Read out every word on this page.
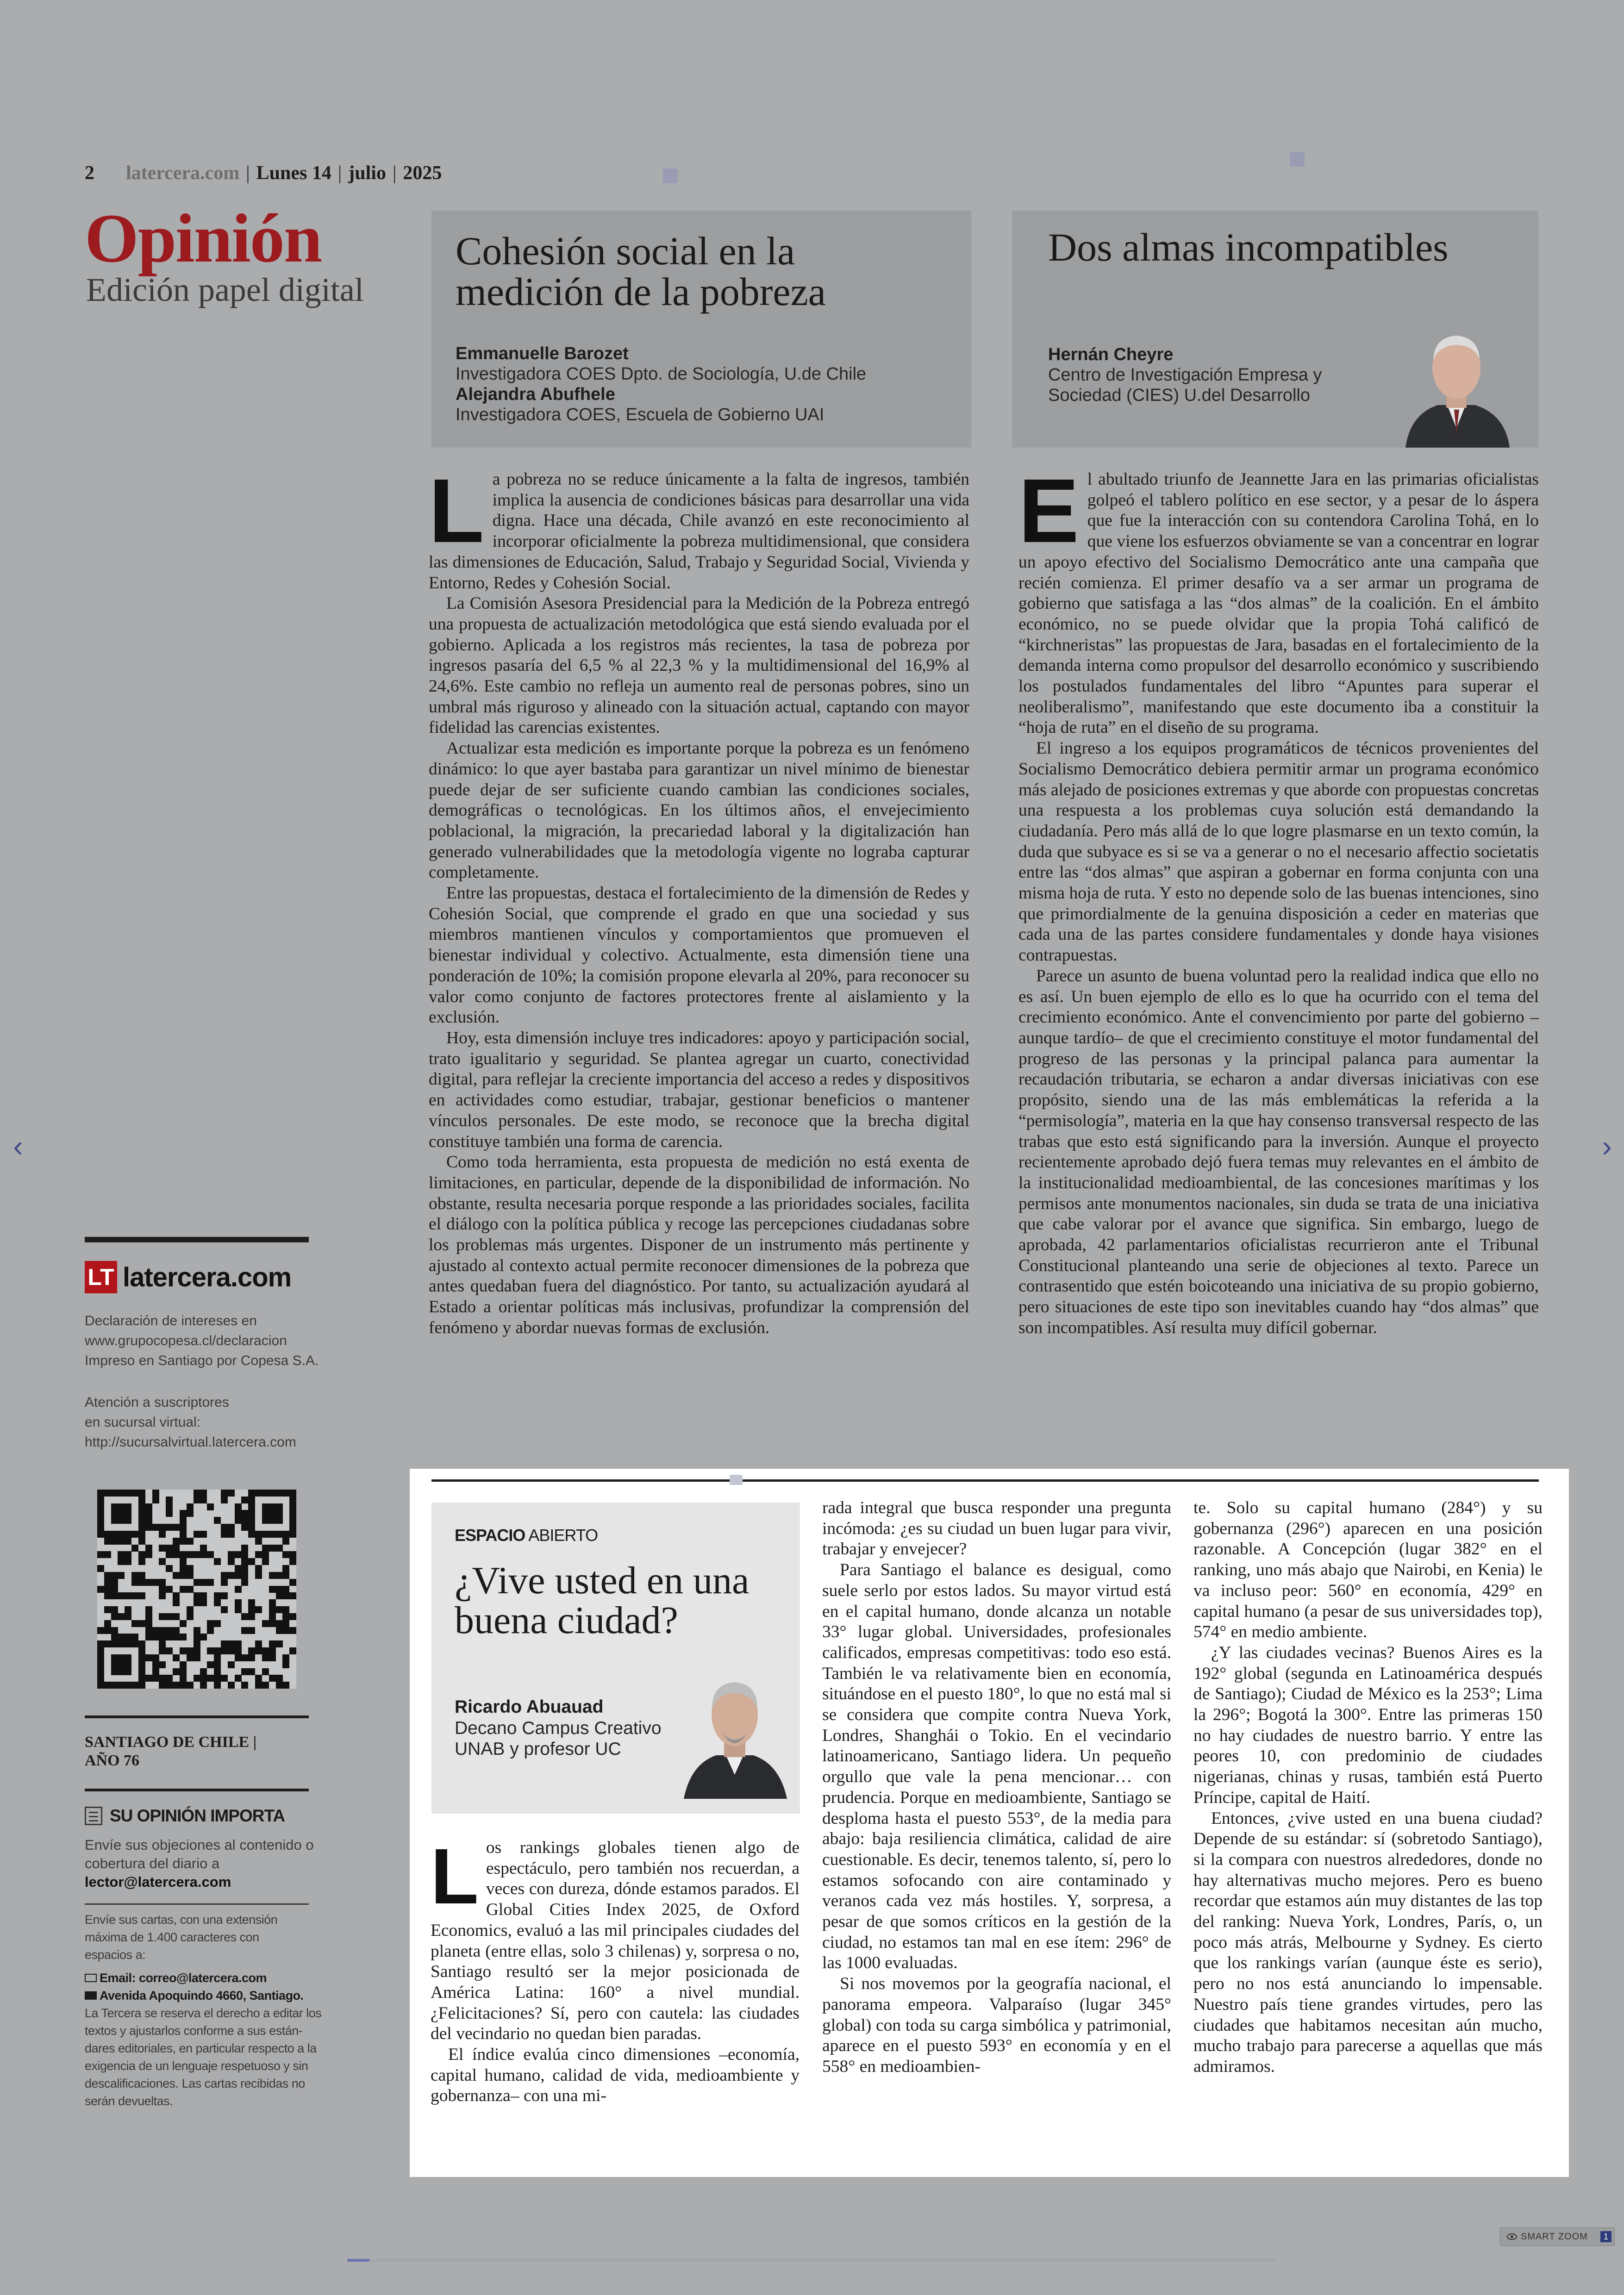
2 latercera.com | Lunes 14 | julio | 2025
Opinión
Edición papel digital
Cohesión social en la medición de la pobreza
Emmanuelle Barozet
Investigadora COES Dpto. de Sociología, U.de Chile
Alejandra Abufhele
Investigadora COES, Escuela de Gobierno UAI
Dos almas incompatibles
Hernán Cheyre
Centro de Investigación Empresa y Sociedad (CIES) U.del Desarrollo

La pobreza no se reduce únicamente a la falta de ingresos, también implica la ausencia de condiciones básicas para desarrollar una vida digna. Hace una década, Chile avanzó en este reconocimiento al incorporar oficialmente la pobreza multidimensional, que considera las dimensiones de Educación, Salud, Trabajo y Seguridad Social, Vivienda y Entorno, Redes y Cohesión Social.

La Comisión Asesora Presidencial para la Medición de la Pobreza entregó una propuesta de actualización metodológica que está siendo evaluada por el gobierno. Aplicada a los registros más recientes, la tasa de pobreza por ingresos pasaría del 6,5 % al 22,3 % y la multidimensional del 16,9% al 24,6%. Este cambio no refleja un aumento real de personas pobres, sino un umbral más riguroso y alineado con la situación actual, captando con mayor fidelidad las carencias existentes.

Actualizar esta medición es importante porque la pobreza es un fenómeno dinámico: lo que ayer bastaba para garantizar un nivel mínimo de bienestar puede dejar de ser suficiente cuando cambian las condiciones sociales, demográficas o tecnológicas. En los últimos años, el envejecimiento poblacional, la migración, la precariedad laboral y la digitalización han generado vulnerabilidades que la metodología vigente no lograba capturar completamente.

Entre las propuestas, destaca el fortalecimiento de la dimensión de Redes y Cohesión Social, que comprende el grado en que una sociedad y sus miembros mantienen vínculos y comportamientos que promueven el bienestar individual y colectivo. Actualmente, esta dimensión tiene una ponderación de 10%; la comisión propone elevarla al 20%, para reconocer su valor como conjunto de factores protectores frente al aislamiento y la exclusión.

Hoy, esta dimensión incluye tres indicadores: apoyo y participación social, trato igualitario y seguridad. Se plantea agregar un cuarto, conectividad digital, para reflejar la creciente importancia del acceso a redes y dispositivos en actividades como estudiar, trabajar, gestionar beneficios o mantener vínculos personales. De este modo, se reconoce que la brecha digital constituye también una forma de carencia.

Como toda herramienta, esta propuesta de medición no está exenta de limitaciones, en particular, depende de la disponibilidad de información. No obstante, resulta necesaria porque responde a las prioridades sociales, facilita el diálogo con la política pública y recoge las percepciones ciudadanas sobre los problemas más urgentes. Disponer de un instrumento más pertinente y ajustado al contexto actual permite reconocer dimensiones de la pobreza que antes quedaban fuera del diagnóstico. Por tanto, su actualización ayudará al Estado a orientar políticas más inclusivas, profundizar la comprensión del fenómeno y abordar nuevas formas de exclusión.

El abultado triunfo de Jeannette Jara en las primarias oficialistas golpeó el tablero político en ese sector, y a pesar de lo áspera que fue la interacción con su contendora Carolina Tohá, en lo que viene los esfuerzos obviamente se van a concentrar en lograr un apoyo efectivo del Socialismo Democrático ante una campaña que recién comienza. El primer desafío va a ser armar un programa de gobierno que satisfaga a las “dos almas” de la coalición. En el ámbito económico, no se puede olvidar que la propia Tohá calificó de “kirchneristas” las propuestas de Jara, basadas en el fortalecimiento de la demanda interna como propulsor del desarrollo económico y suscribiendo los postulados fundamentales del libro “Apuntes para superar el neoliberalismo”, manifestando que este documento iba a constituir la “hoja de ruta” en el diseño de su programa.

El ingreso a los equipos programáticos de técnicos provenientes del Socialismo Democrático debiera permitir armar un programa económico más alejado de posiciones extremas y que aborde con propuestas concretas una respuesta a los problemas cuya solución está demandando la ciudadanía. Pero más allá de lo que logre plasmarse en un texto común, la duda que subyace es si se va a generar o no el necesario affectio societatis entre las “dos almas” que aspiran a gobernar en forma conjunta con una misma hoja de ruta. Y esto no depende solo de las buenas intenciones, sino que primordialmente de la genuina disposición a ceder en materias que cada una de las partes considere fundamentales y donde haya visiones contrapuestas.

Parece un asunto de buena voluntad pero la realidad indica que ello no es así. Un buen ejemplo de ello es lo que ha ocurrido con el tema del crecimiento económico. Ante el convencimiento por parte del gobierno –aunque tardío– de que el crecimiento constituye el motor fundamental del progreso de las personas y la principal palanca para aumentar la recaudación tributaria, se echaron a andar diversas iniciativas con ese propósito, siendo una de las más emblemáticas la referida a la “permisología”, materia en la que hay consenso transversal respecto de las trabas que esto está significando para la inversión. Aunque el proyecto recientemente aprobado dejó fuera temas muy relevantes en el ámbito de la institucionalidad medioambiental, de las concesiones marítimas y los permisos ante monumentos nacionales, sin duda se trata de una iniciativa que cabe valorar por el avance que significa. Sin embargo, luego de aprobada, 42 parlamentarios oficialistas recurrieron ante el Tribunal Constitucional planteando una serie de objeciones al texto. Parece un contrasentido que estén boicoteando una iniciativa de su propio gobierno, pero situaciones de este tipo son inevitables cuando hay “dos almas” que son incompatibles. Así resulta muy difícil gobernar.

LT latercera.com
Declaración de intereses en
www.grupocopesa.cl/declaracion
Impreso en Santiago por Copesa S.A.
Atención a suscriptores
en sucursal virtual:
http://sucursalvirtual.latercera.com
SANTIAGO DE CHILE |
AÑO 76
SU OPINIÓN IMPORTA
Envíe sus objeciones al contenido o
cobertura del diario a
lector@latercera.com
Envíe sus cartas, con una extensión
máxima de 1.400 caracteres con
espacios a:
Email: correo@latercera.com
Avenida Apoquindo 4660, Santiago.
La Tercera se reserva el derecho a editar los
textos y ajustarlos conforme a sus están-
dares editoriales, en particular respecto a la
exigencia de un lenguaje respetuoso y sin
descalificaciones. Las cartas recibidas no
serán devueltas.
ESPACIO ABIERTO
¿Vive usted en una buena ciudad?
Ricardo Abuauad
Decano Campus Creativo UNAB y profesor UC

Los rankings globales tienen algo de espectáculo, pero también nos recuerdan, a veces con dureza, dónde estamos parados. El Global Cities Index 2025, de Oxford Economics, evaluó a las mil principales ciudades del planeta (entre ellas, solo 3 chilenas) y, sorpresa o no, Santiago resultó ser la mejor posicionada de América Latina: 160° a nivel mundial. ¿Felicitaciones? Sí, pero con cautela: las ciudades del vecindario no quedan bien paradas.

El índice evalúa cinco dimensiones –economía, capital humano, calidad de vida, medioambiente y gobernanza– con una mi-

rada integral que busca responder una pregunta incómoda: ¿es su ciudad un buen lugar para vivir, trabajar y envejecer?

Para Santiago el balance es desigual, como suele serlo por estos lados. Su mayor virtud está en el capital humano, donde alcanza un notable 33° lugar global. Universidades, profesionales calificados, empresas competitivas: todo eso está. También le va relativamente bien en economía, situándose en el puesto 180°, lo que no está mal si se considera que compite contra Nueva York, Londres, Shanghái o Tokio. En el vecindario latinoamericano, Santiago lidera. Un pequeño orgullo que vale la pena mencionar… con prudencia. Porque en medioambiente, Santiago se desploma hasta el puesto 553°, de la media para abajo: baja resiliencia climática, calidad de aire cuestionable. Es decir, tenemos talento, sí, pero lo estamos sofocando con aire contaminado y veranos cada vez más hostiles. Y, sorpresa, a pesar de que somos críticos en la gestión de la ciudad, no estamos tan mal en ese ítem: 296° de las 1000 evaluadas.

Si nos movemos por la geografía nacional, el panorama empeora. Valparaíso (lugar 345° global) con toda su carga simbólica y patrimonial, aparece en el puesto 593° en economía y en el 558° en medioambien-

te. Solo su capital humano (284°) y su gobernanza (296°) aparecen en una posición razonable. A Concepción (lugar 382° en el ranking, uno más abajo que Nairobi, en Kenia) le va incluso peor: 560° en economía, 429° en capital humano (a pesar de sus universidades top), 574° en medio ambiente.

¿Y las ciudades vecinas? Buenos Aires es la 192° global (segunda en Latinoamérica después de Santiago); Ciudad de México es la 253°; Lima la 296°; Bogotá la 300°. Entre las primeras 150 no hay ciudades de nuestro barrio. Y entre las peores 10, con predominio de ciudades nigerianas, chinas y rusas, también está Puerto Príncipe, capital de Haití.

Entonces, ¿vive usted en una buena ciudad? Depende de su estándar: sí (sobretodo Santiago), si la compara con nuestros alrededores, donde no hay alternativas mucho mejores. Pero es bueno recordar que estamos aún muy distantes de las top del ranking: Nueva York, Londres, París, o, un poco más atrás, Melbourne y Sydney. Es cierto que los rankings varían (aunque éste es serio), pero no nos está anunciando lo impensable. Nuestro país tiene grandes virtudes, pero las ciudades que habitamos necesitan aún mucho, mucho trabajo para parecerse a aquellas que más admiramos.

‹	›
SMART ZOOM	1
